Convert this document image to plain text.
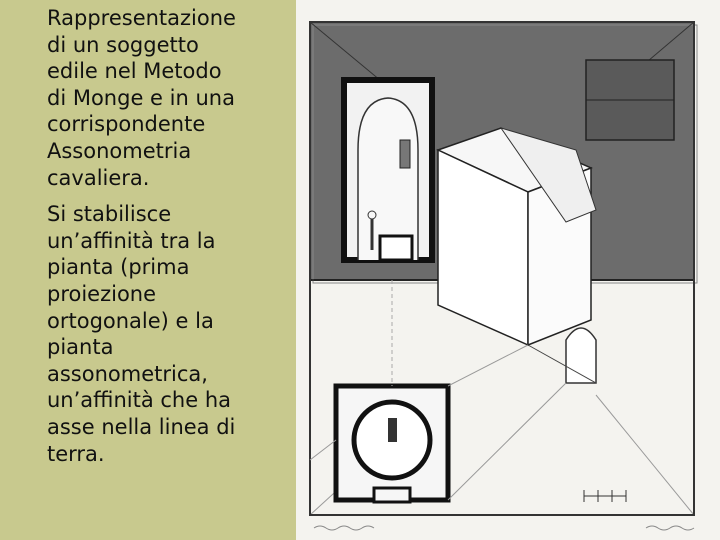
Rappresentazione
di un soggetto
edile nel Metodo
di Monge e in una
corrispondente
Assonometria
cavaliera.

Si stabilisce
un’affinità tra la
pianta (prima
proiezione
ortogonale) e la
pianta
assonometrica,
un’affinità che ha
asse nella linea di
terra.
